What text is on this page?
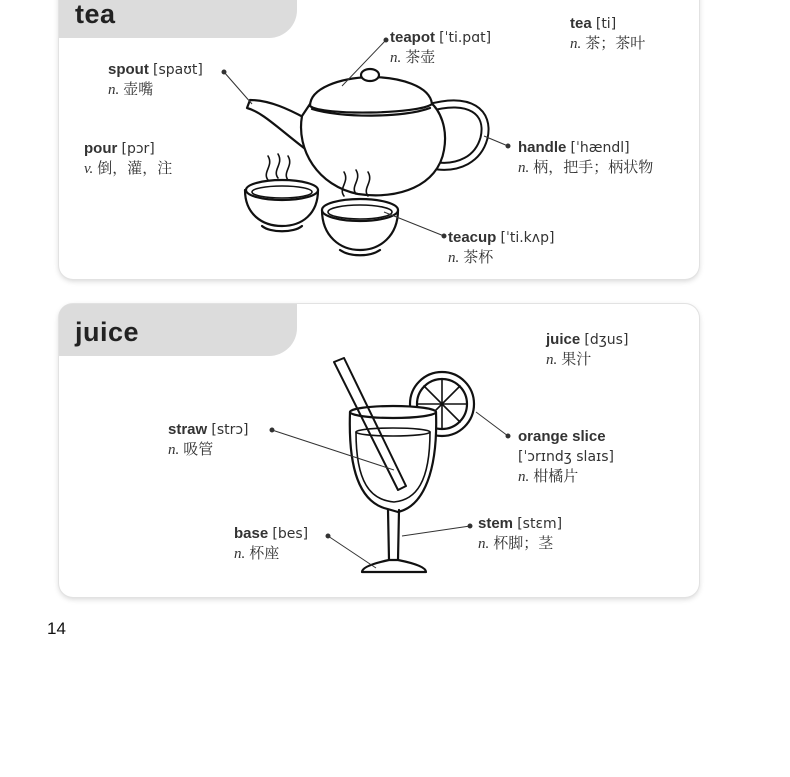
tea	tea [ti]
n. 茶；茶叶
teapot [ˈti.pɑt]
n. 茶壶
spout [spaʊt]
n. 壶嘴
pour [pɔr]
v. 倒，灌，注
handle [ˈhændl]
n. 柄，把手；柄状物
teacup [ˈti.kʌp]
n. 茶杯
juice	juice [dʒus]
n. 果汁
straw [strɔ]
n. 吸管
orange slice
[ˈɔrɪndʒ slaɪs]
n. 柑橘片
stem [stɛm]
n. 杯脚；茎
base [bes]
n. 杯座
14
